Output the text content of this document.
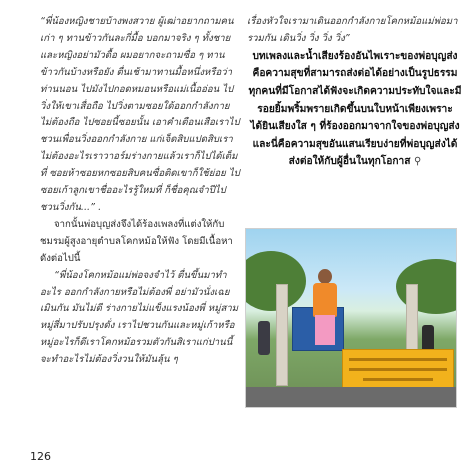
“พี่น้องหญิงชายบ้างพงสวาย ผู้เฒ่าอยากถามคนเก่า ๆ ทานข้าวกันละกี่มื้อ บอกมาจริง ๆ ทั้งชายและหญิงอย่ามัวดื้อ ผมอยากจะถามซื่อ ๆ ทานข้าวกันบ้างหรือยัง ตื่นเช้ามาทานมื้อหนึ่งหรือว่าท่านนอน ไปมังไปกอดหมอนหรือแม่เนื้ออ่อน ไปวิ่งให้เขาเสื่อถือ ไปวิ่งตามซอยใด้ออกกำลังกายไม่ต้องถือ ไปซอยนี้ซอยนั้น เอาคำเตือนเสือเราไปชวนเพื่อนวิ่งออกกำลังกาย แก่เจ็ดสิบแปดสิบเราไม่ต้องอะไรเราวาอร์มร่างกายแล้วเราก็ไปได้เต็มที่ ซอยห้าซอยหกซอยสิบคนซื่อติดเขาก็ใช้ย่อย ไปซอยเก้าลูกเขาชื่ออะไรรู้ใหมที่ ก็ชื่อคุณจำปีไปชวนวิ่งกัน...” .

จากนั้นพ่อบุญส่งจึงได้ร้องเพลงที่แต่งให้กับชมรมผู้สูงอายุตำบลโคกหม้อให้ฟัง โดยมีเนื้อหาดังต่อไปนี้

“พี่น้องโคกหม้อแม่พ่อจงจำไว้ ตื่นขึ้นมาทำอะไร ออกกำลังกายหรือไม่ต้องพี่ อย่ามัวนั่งเฉยเมินกัน มันไม่ดี ร่างกายไม่แข็งแรงน้องพี่ หมู่สามหมู่สี่มาปรับปรุงดั่ง เราไปชวนกันและหมู่เก้าหรือหมู่อะไรก็ดีเราโคกหม้อรวมตัวกันสิเราแก่ปานนี้จะทำอะไรไม่ต้องวิ่งวนให้มันลุ้น ๆ

เรื่องหัวใจเรามาเดินออกกำลังกายโคกหม้อแม่พ่อมารวมกัน เดินวิ่ง วิ่ง วิ่ง วิ่ง”

บทเพลงและน้ำเสียงร้องอันไพเราะของพ่อบุญส่งคือความสุขที่สามารถส่งต่อได้อย่างเป็นรูปธรรม ทุกคนที่มีโอกาสได้ฟังจะเกิดความประทับใจและมีรอยยิ้มพริ้มพรายเกิดขึ้นบนใบหน้าเพียงเพราะได้ยินเสียงใส ๆ ที่ร้องออกมาจากใจของพ่อบุญส่ง และนี่คือความสุขอันแสนเรียบง่ายที่พ่อบุญส่งได้ส่งต่อให้กับผู้อื่นในทุกโอกาส ⚲

126
